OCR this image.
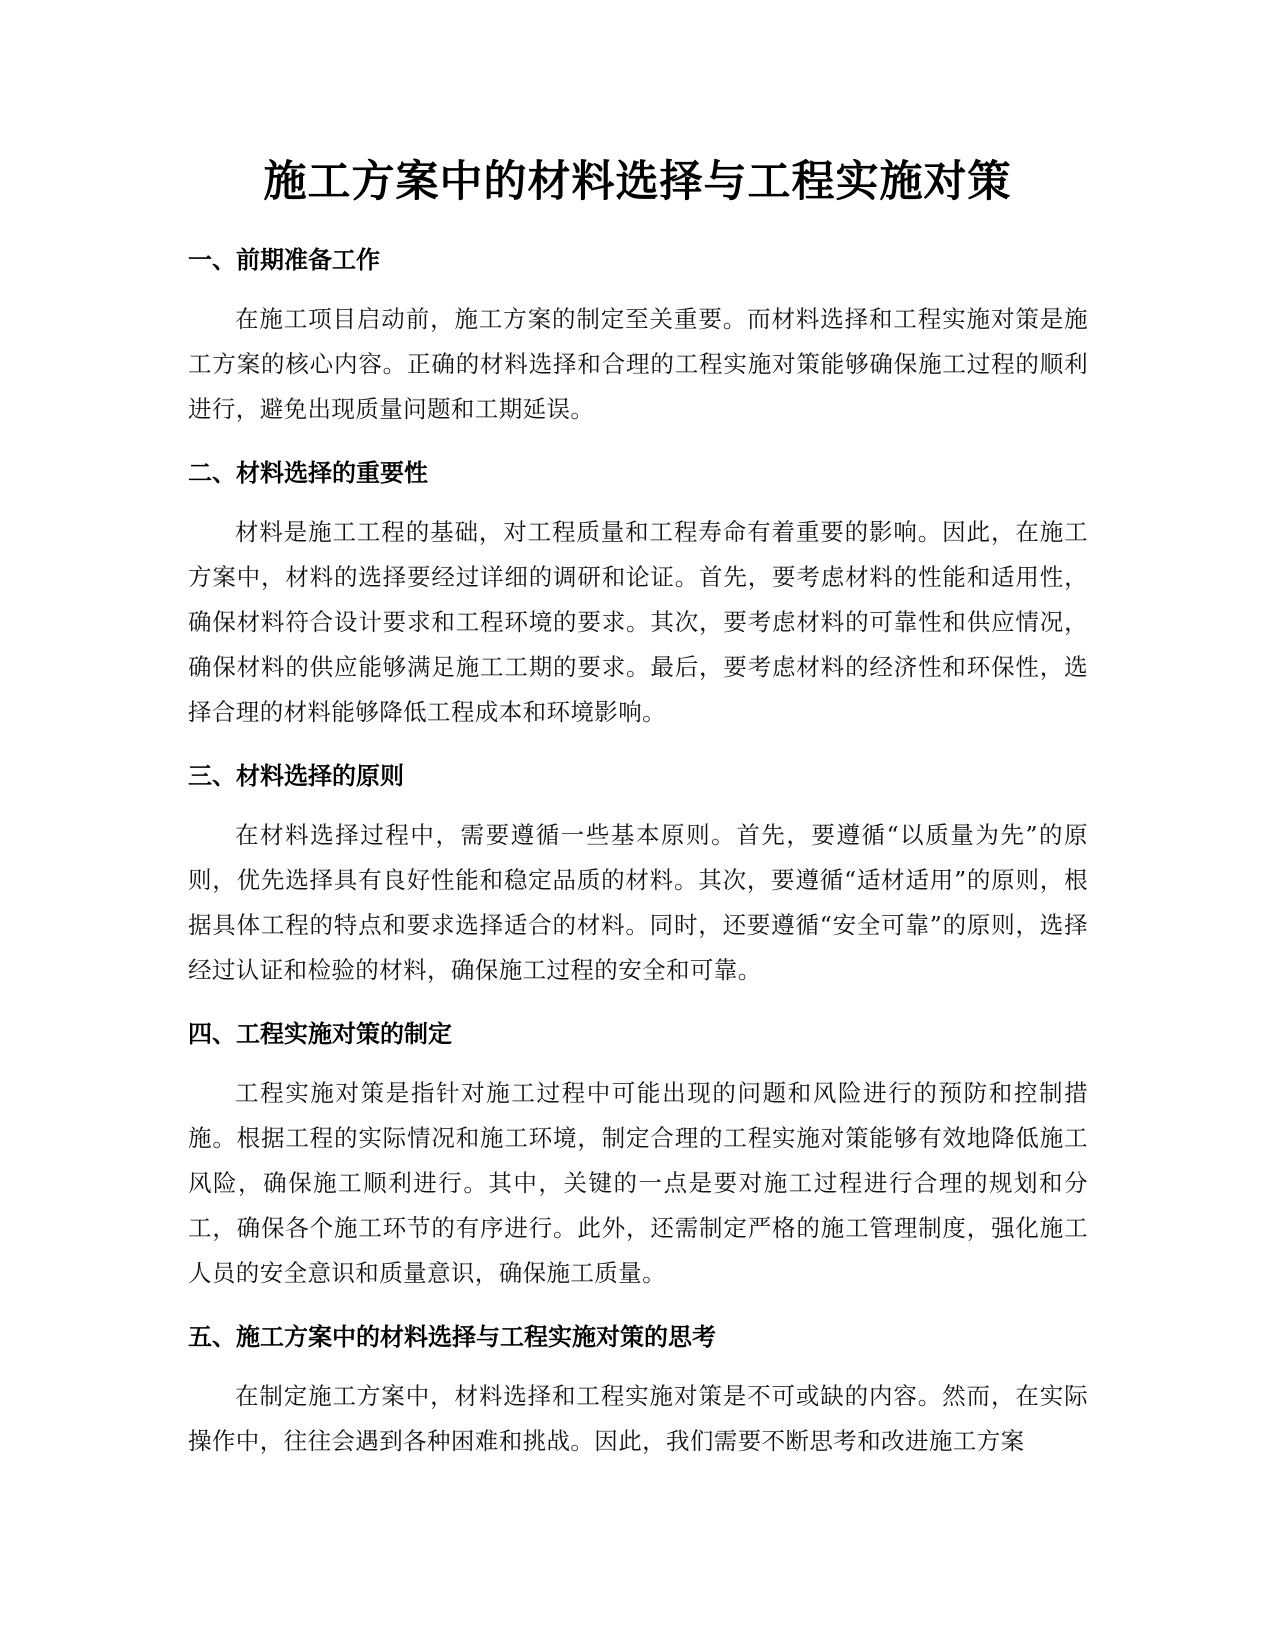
施工方案中的材料选择与工程实施对策
一、前期准备工作

在施工项目启动前，施工方案的制定至关重要。而材料选择和工程实施对策是施工方案的核心内容。正确的材料选择和合理的工程实施对策能够确保施工过程的顺利进行，避免出现质量问题和工期延误。

二、材料选择的重要性

材料是施工工程的基础，对工程质量和工程寿命有着重要的影响。因此，在施工方案中，材料的选择要经过详细的调研和论证。首先，要考虑材料的性能和适用性，确保材料符合设计要求和工程环境的要求。其次，要考虑材料的可靠性和供应情况，确保材料的供应能够满足施工工期的要求。最后，要考虑材料的经济性和环保性，选择合理的材料能够降低工程成本和环境影响。

三、材料选择的原则

在材料选择过程中，需要遵循一些基本原则。首先，要遵循“以质量为先”的原则，优先选择具有良好性能和稳定品质的材料。其次，要遵循“适材适用”的原则，根据具体工程的特点和要求选择适合的材料。同时，还要遵循“安全可靠”的原则，选择经过认证和检验的材料，确保施工过程的安全和可靠。

四、工程实施对策的制定

工程实施对策是指针对施工过程中可能出现的问题和风险进行的预防和控制措施。根据工程的实际情况和施工环境，制定合理的工程实施对策能够有效地降低施工风险，确保施工顺利进行。其中，关键的一点是要对施工过程进行合理的规划和分工，确保各个施工环节的有序进行。此外，还需制定严格的施工管理制度，强化施工人员的安全意识和质量意识，确保施工质量。

五、施工方案中的材料选择与工程实施对策的思考

在制定施工方案中，材料选择和工程实施对策是不可或缺的内容。然而，在实际操作中，往往会遇到各种困难和挑战。因此，我们需要不断思考和改进施工方案
